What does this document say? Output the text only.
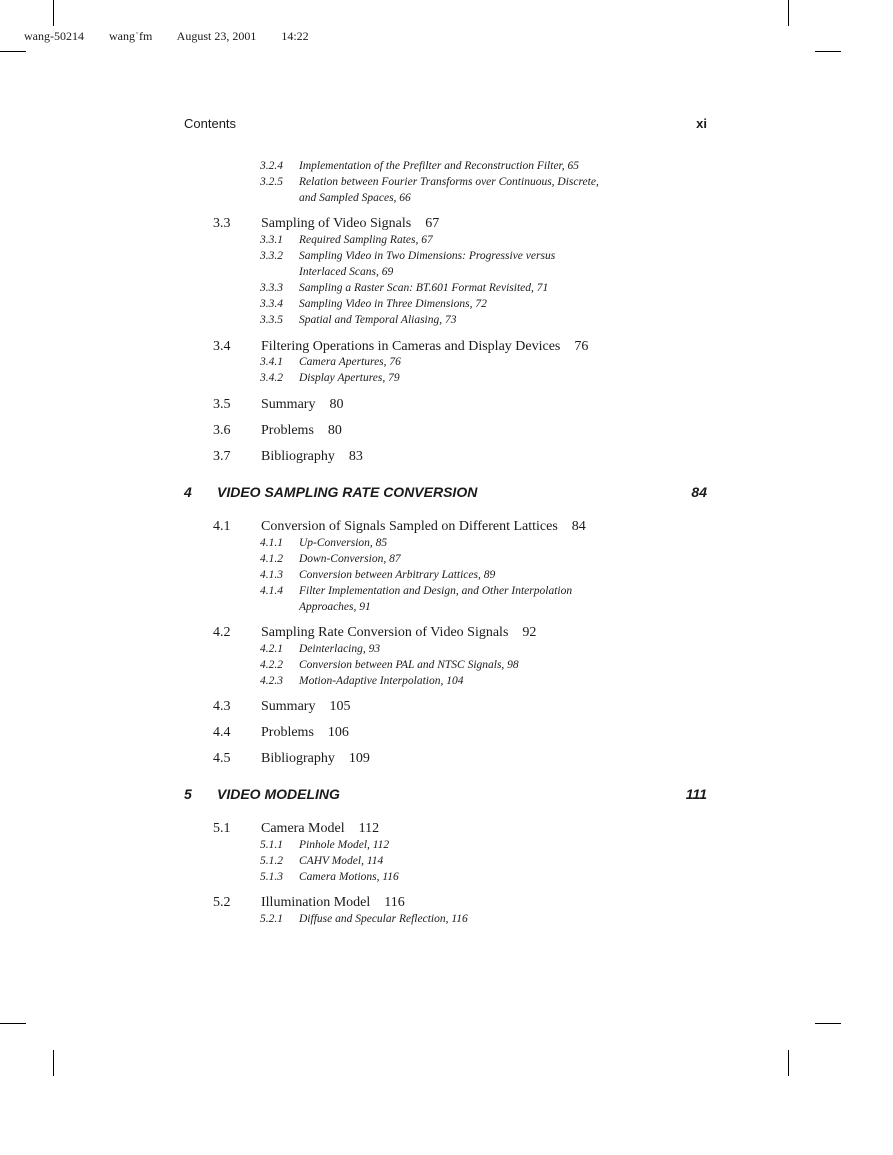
wang-50214 wang˙fm August 23, 2001 14:22
Contents	xi
3.2.4 Implementation of the Prefilter and Reconstruction Filter, 65
3.2.5 Relation between Fourier Transforms over Continuous, Discrete,
and Sampled Spaces, 66
3.3 Sampling of Video Signals 67
3.3.1 Required Sampling Rates, 67
3.3.2 Sampling Video in Two Dimensions: Progressive versus
Interlaced Scans, 69
3.3.3 Sampling a Raster Scan: BT.601 Format Revisited, 71
3.3.4 Sampling Video in Three Dimensions, 72
3.3.5 Spatial and Temporal Aliasing, 73
3.4 Filtering Operations in Cameras and Display Devices 76
3.4.1 Camera Apertures, 76
3.4.2 Display Apertures, 79
3.5 Summary 80
3.6 Problems 80
3.7 Bibliography 83
4 VIDEO SAMPLING RATE CONVERSION	84
4.1 Conversion of Signals Sampled on Different Lattices 84
4.1.1 Up-Conversion, 85
4.1.2 Down-Conversion, 87
4.1.3 Conversion between Arbitrary Lattices, 89
4.1.4 Filter Implementation and Design, and Other Interpolation
Approaches, 91
4.2 Sampling Rate Conversion of Video Signals 92
4.2.1 Deinterlacing, 93
4.2.2 Conversion between PAL and NTSC Signals, 98
4.2.3 Motion-Adaptive Interpolation, 104
4.3 Summary 105
4.4 Problems 106
4.5 Bibliography 109
5 VIDEO MODELING	111
5.1 Camera Model 112
5.1.1 Pinhole Model, 112
5.1.2 CAHV Model, 114
5.1.3 Camera Motions, 116
5.2 Illumination Model 116
5.2.1 Diffuse and Specular Reflection, 116
